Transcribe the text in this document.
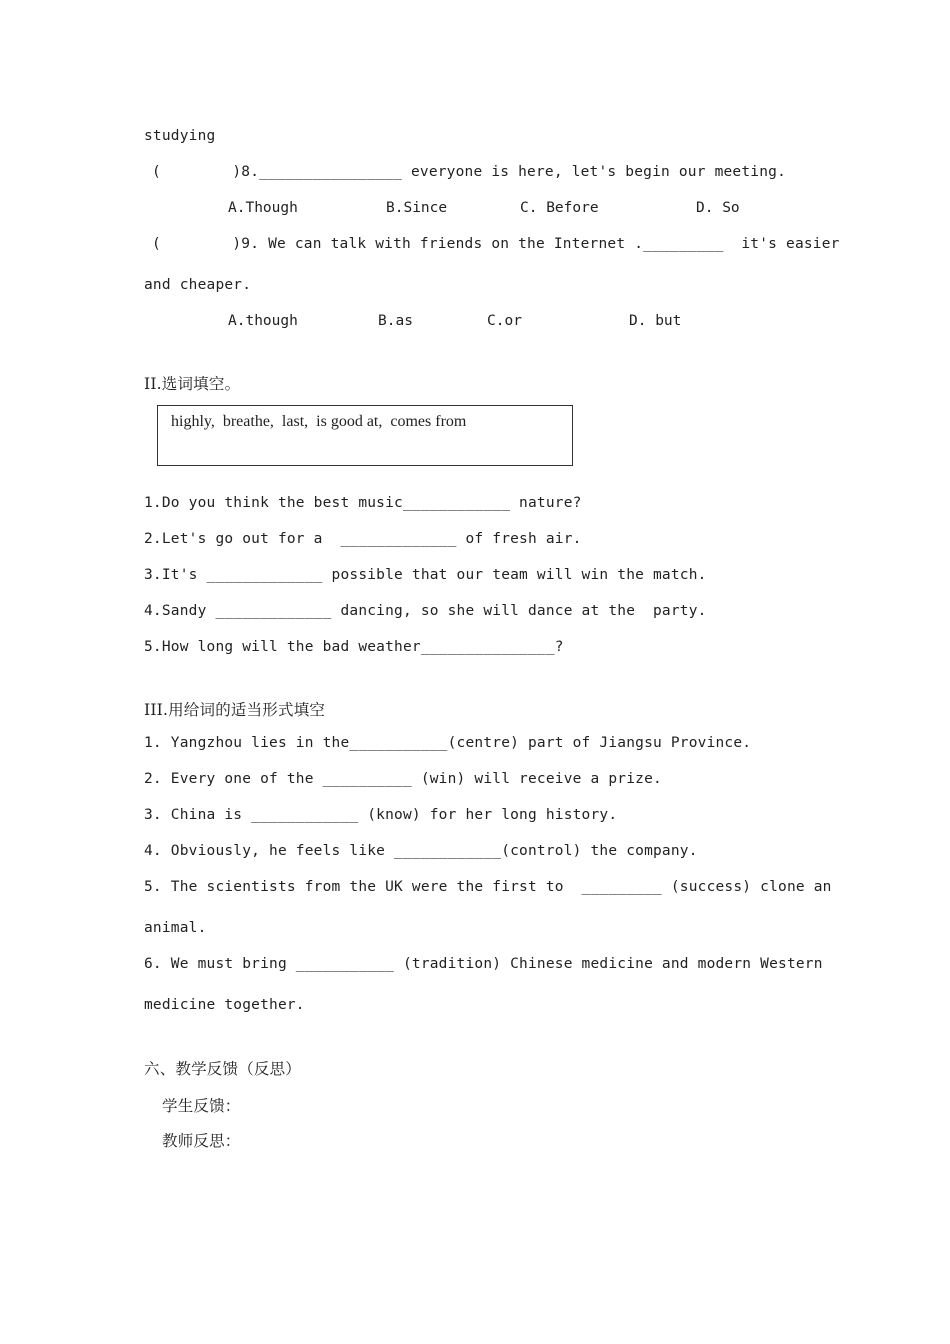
studying
(        )8.________________ everyone is here, let's begin our meeting.
A.Though	B.Since	C. Before	D. So
(        )9. We can talk with friends on the Internet ._________  it's easier
and cheaper.
A.though	B.as	C.or	D. but
II.选词填空。
highly,  breathe,  last,  is good at,  comes from
1.Do you think the best music____________ nature?
2.Let's go out for a  _____________ of fresh air.
3.It's _____________ possible that our team will win the match.
4.Sandy _____________ dancing, so she will dance at the  party.
5.How long will the bad weather_______________?
III.用给词的适当形式填空
1. Yangzhou lies in the___________(centre) part of Jiangsu Province.
2. Every one of the __________ (win) will receive a prize.
3. China is ____________ (know) for her long history.
4. Obviously, he feels like ____________(control) the company.
5. The scientists from the UK were the first to  _________ (success) clone an
animal.
6. We must bring ___________ (tradition) Chinese medicine and modern Western
medicine together.
六、教学反馈（反思）
学生反馈：
教师反思：
